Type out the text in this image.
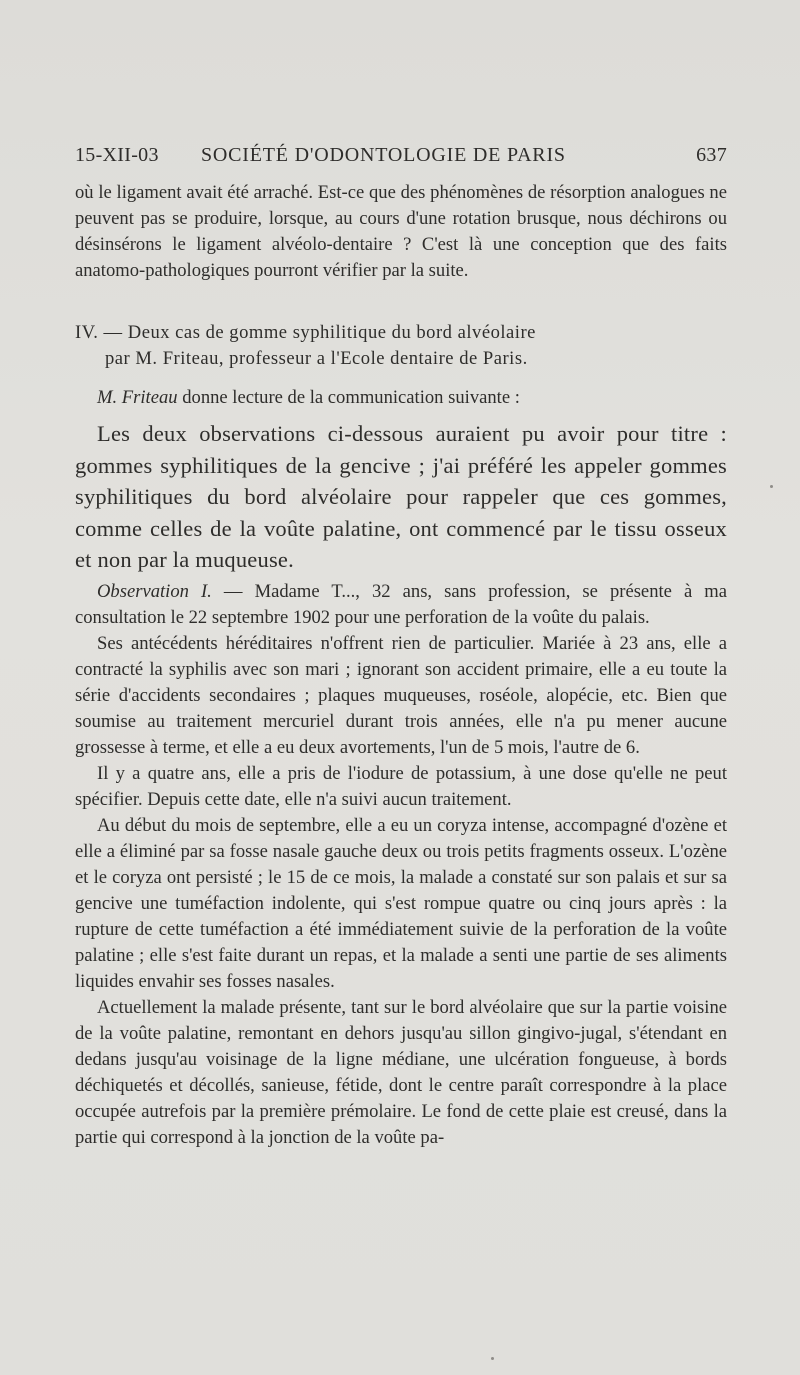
15-XII-03 SOCIÉTÉ D'ODONTOLOGIE DE PARIS	637

où le ligament avait été arraché. Est-ce que des phénomènes de résorption analogues ne peuvent pas se produire, lorsque, au cours d'une rotation brusque, nous déchirons ou désinsérons le ligament alvéolo-dentaire ? C'est là une conception que des faits anatomo-pathologiques pourront vérifier par la suite.

IV. — Deux cas de gomme syphilitique du bord alvéolaire
par M. Friteau, professeur a l'Ecole dentaire de Paris.

M. Friteau donne lecture de la communication suivante :

Les deux observations ci-dessous auraient pu avoir pour titre : gommes syphilitiques de la gencive ; j'ai préféré les appeler gommes syphilitiques du bord alvéolaire pour rappeler que ces gommes, comme celles de la voûte palatine, ont commencé par le tissu osseux et non par la muqueuse.

Observation I. — Madame T..., 32 ans, sans profession, se présente à ma consultation le 22 septembre 1902 pour une perforation de la voûte du palais.

Ses antécédents héréditaires n'offrent rien de particulier. Mariée à 23 ans, elle a contracté la syphilis avec son mari ; ignorant son accident primaire, elle a eu toute la série d'accidents secondaires ; plaques muqueuses, roséole, alopécie, etc. Bien que soumise au traitement mercuriel durant trois années, elle n'a pu mener aucune grossesse à terme, et elle a eu deux avortements, l'un de 5 mois, l'autre de 6.

Il y a quatre ans, elle a pris de l'iodure de potassium, à une dose qu'elle ne peut spécifier. Depuis cette date, elle n'a suivi aucun traitement.

Au début du mois de septembre, elle a eu un coryza intense, accompagné d'ozène et elle a éliminé par sa fosse nasale gauche deux ou trois petits fragments osseux. L'ozène et le coryza ont persisté ; le 15 de ce mois, la malade a constaté sur son palais et sur sa gencive une tuméfaction indolente, qui s'est rompue quatre ou cinq jours après : la rupture de cette tuméfaction a été immédiatement suivie de la perforation de la voûte palatine ; elle s'est faite durant un repas, et la malade a senti une partie de ses aliments liquides envahir ses fosses nasales.

Actuellement la malade présente, tant sur le bord alvéolaire que sur la partie voisine de la voûte palatine, remontant en dehors jusqu'au sillon gingivo-jugal, s'étendant en dedans jusqu'au voisinage de la ligne médiane, une ulcération fongueuse, à bords déchiquetés et décollés, sanieuse, fétide, dont le centre paraît correspondre à la place occupée autrefois par la première prémolaire. Le fond de cette plaie est creusé, dans la partie qui correspond à la jonction de la voûte pa-
